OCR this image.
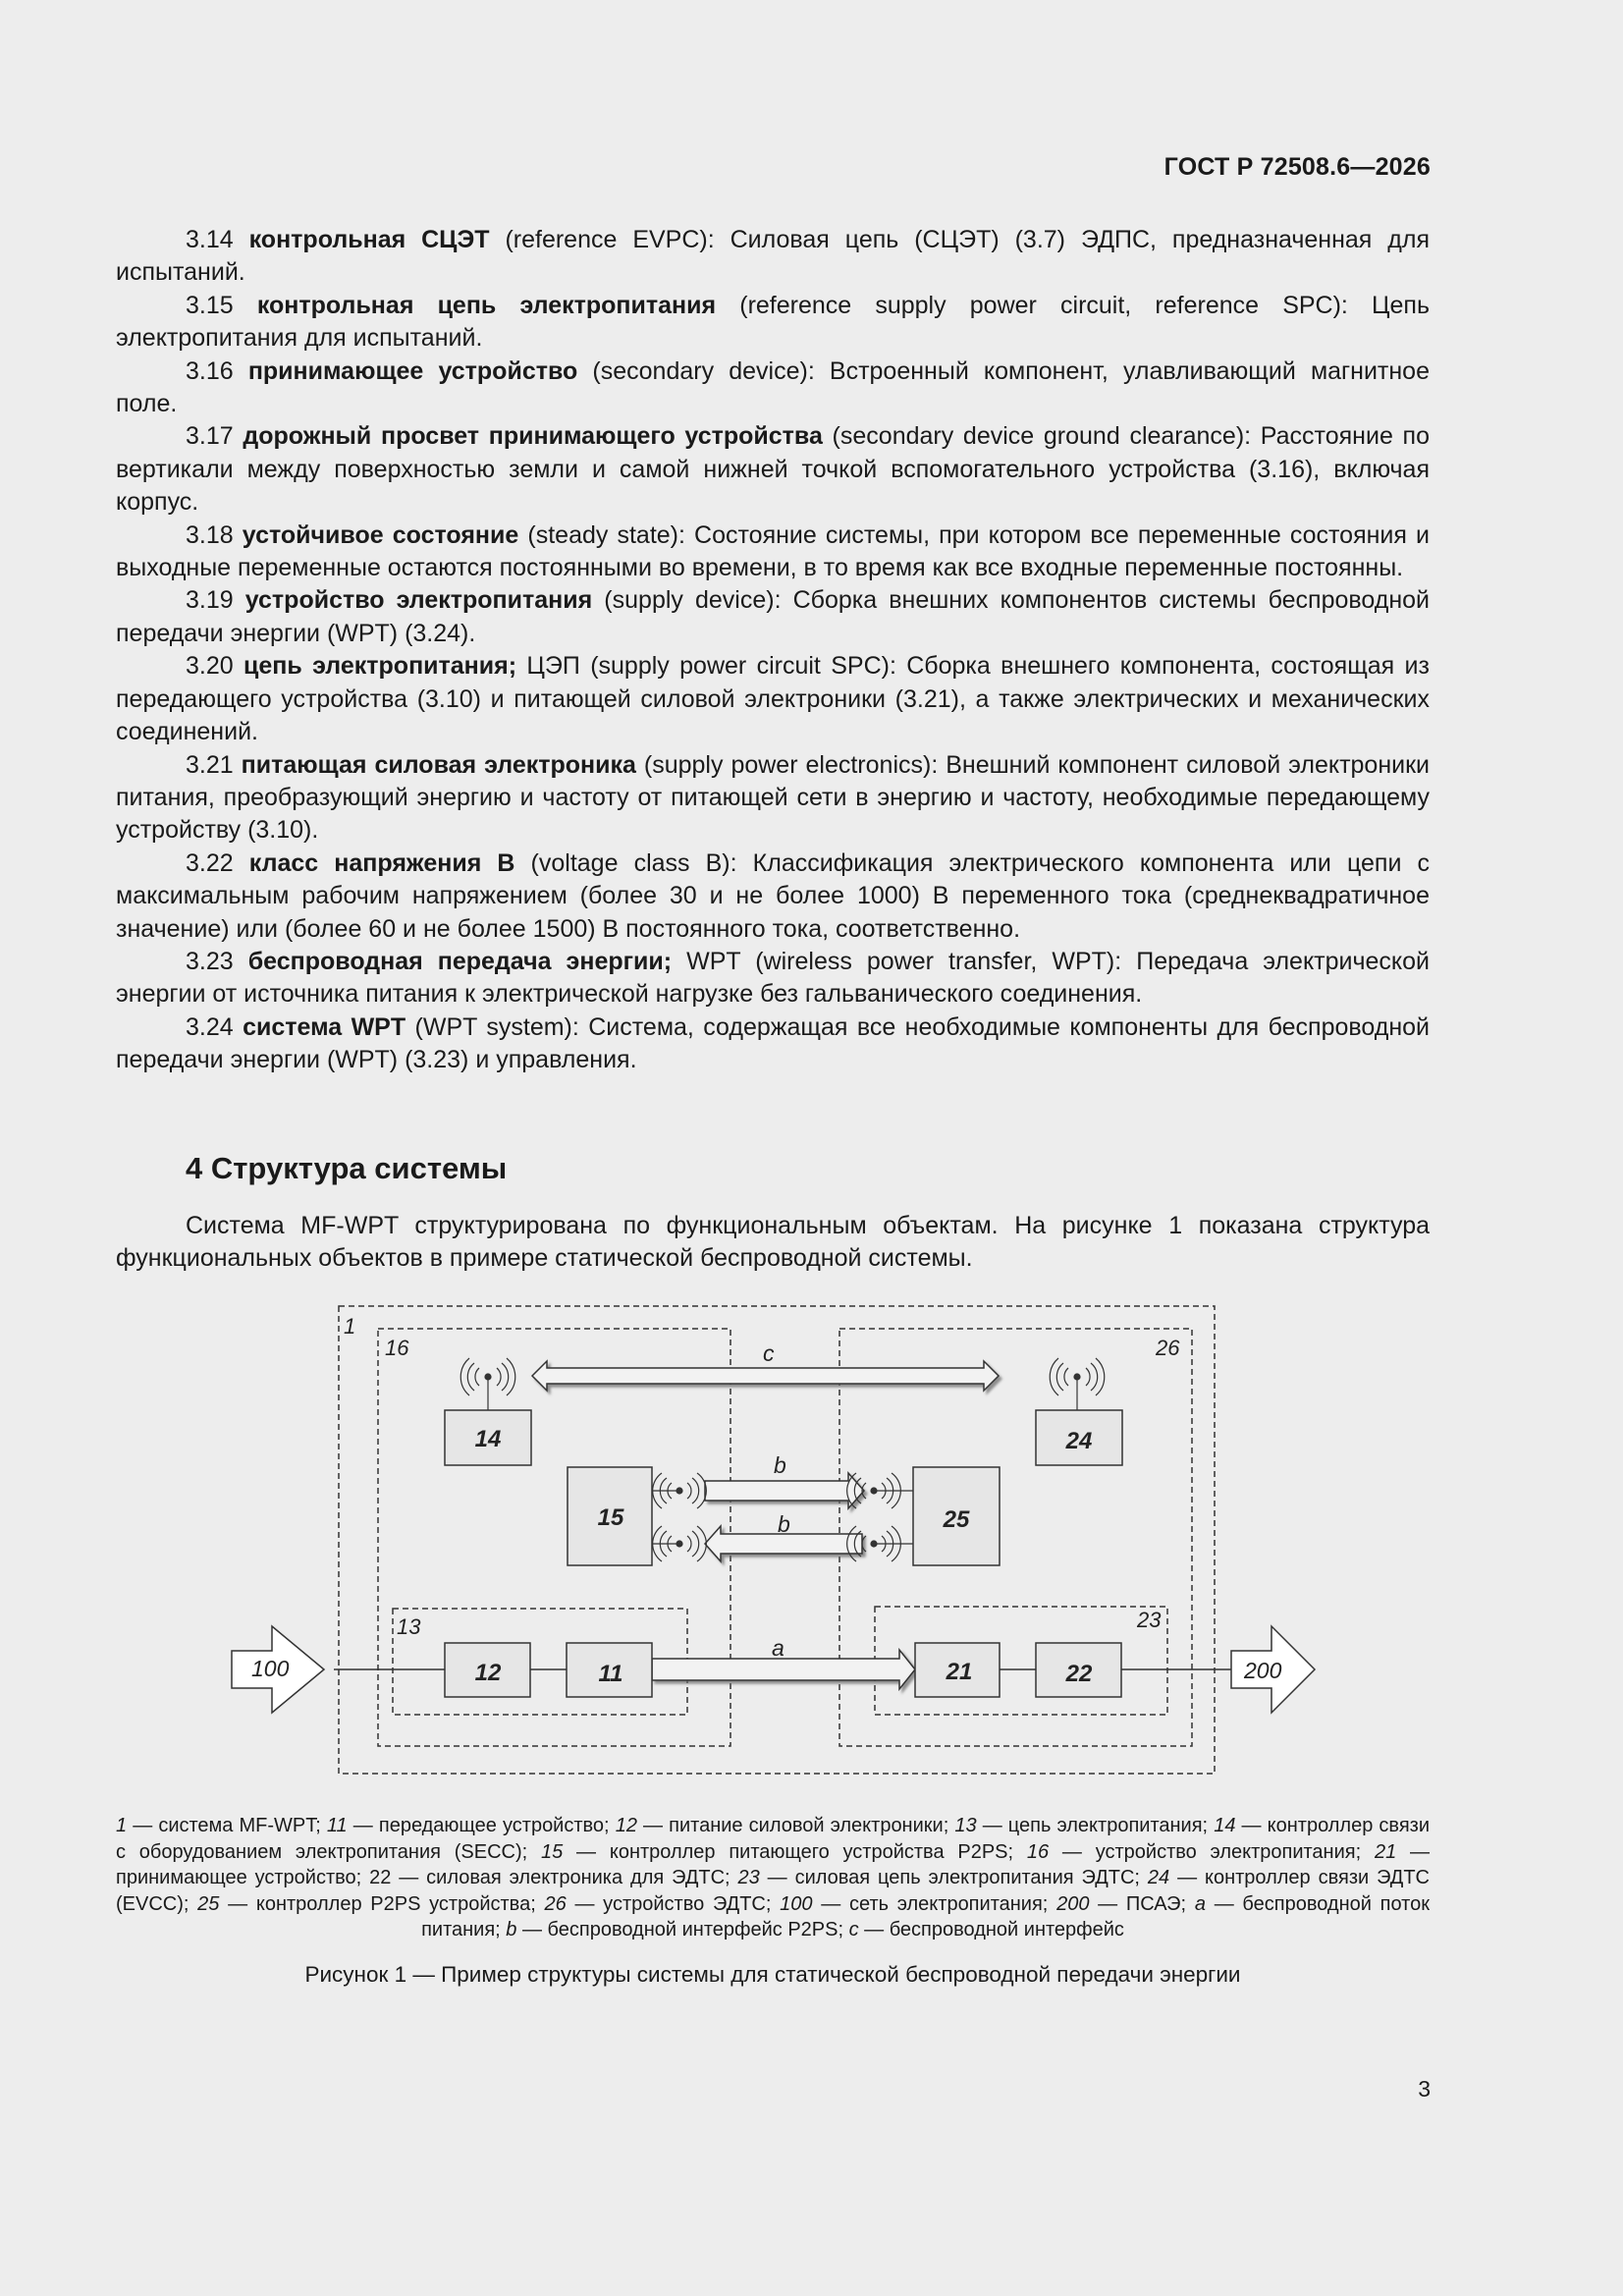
ГОСТ Р 72508.6—2026

3.14 контрольная СЦЭТ (reference EVPC): Силовая цепь (СЦЭТ) (3.7) ЭДПС, предназначенная для испытаний.

3.15 контрольная цепь электропитания (reference supply power circuit, reference SPC): Цепь электропитания для испытаний.

3.16 принимающее устройство (secondary device): Встроенный компонент, улавливающий магнитное поле.

3.17 дорожный просвет принимающего устройства (secondary device ground clearance): Расстояние по вертикали между поверхностью земли и самой нижней точкой вспомогательного устройства (3.16), включая корпус.

3.18 устойчивое состояние (steady state): Состояние системы, при котором все переменные состояния и выходные переменные остаются постоянными во времени, в то время как все входные переменные постоянны.

3.19 устройство электропитания (supply device): Сборка внешних компонентов системы беспроводной передачи энергии (WPT) (3.24).

3.20 цепь электропитания; ЦЭП (supply power circuit SPC): Сборка внешнего компонента, состоящая из передающего устройства (3.10) и питающей силовой электроники (3.21), а также электрических и механических соединений.

3.21 питающая силовая электроника (supply power electronics): Внешний компонент силовой электроники питания, преобразующий энергию и частоту от питающей сети в энергию и частоту, необходимые передающему устройству (3.10).

3.22 класс напряжения В (voltage class B): Классификация электрического компонента или цепи с максимальным рабочим напряжением (более 30 и не более 1000) В переменного тока (среднеквадратичное значение) или (более 60 и не более 1500) В постоянного тока, соответственно.

3.23 беспроводная передача энергии; WPT (wireless power transfer, WPT): Передача электрической энергии от источника питания к электрической нагрузке без гальванического соединения.

3.24 система WPT (WPT system): Система, содержащая все необходимые компоненты для беспроводной передачи энергии (WPT) (3.23) и управления.

4 Структура системы
Система MF-WPT структурирована по функциональным объектам. На рисунке 1 показана структура функциональных объектов в примере статической беспроводной системы.
1
16	26
13	23
100	200
c
b
b
a
14	24
15	25
12	11	21	22
1 — система MF-WPT; 11 — передающее устройство; 12 — питание силовой электроники; 13 — цепь электропитания; 14 — контроллер связи с оборудованием электропитания (SECC); 15 — контроллер питающего устройства P2PS; 16 — устройство электропитания; 21 — принимающее устройство; 22 — силовая электроника для ЭДТС; 23 — силовая цепь электропитания ЭДТС; 24 — контроллер связи ЭДТС (EVCC); 25 — контроллер P2PS устройства; 26 — устройство ЭДТС; 100 — сеть электропитания; 200 — ПСАЭ; a — беспроводной поток питания; b — беспроводной интерфейс P2PS; c — беспроводной интерфейс
Рисунок 1 — Пример структуры системы для статической беспроводной передачи энергии
3
